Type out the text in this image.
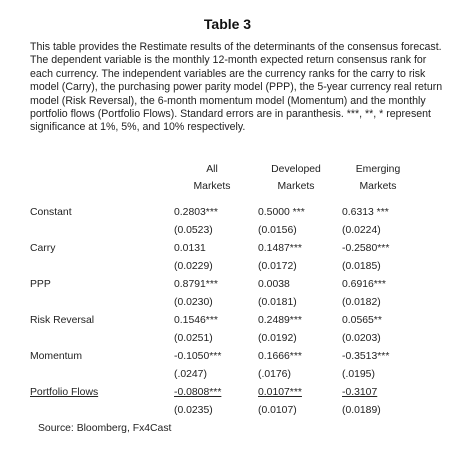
Table 3
This table provides the Restimate results of the determinants of the consensus forecast. The dependent variable is the monthly 12-month expected return consensus rank for each currency. The independent variables are the currency ranks for the carry to risk model (Carry), the purchasing power parity model (PPP), the 5-year currency real return model (Risk Reversal), the 6-month momentum model (Momentum) and the monthly portfolio flows (Portfolio Flows). Standard errors are in paranthesis. ***, **, * represent significance at 1%, 5%, and 10% respectively.
	All	Developed	Emerging
	Markets	Markets	Markets

Constant	0.2803***	0.5000 ***	0.6313 ***
	(0.0523)	(0.0156)	(0.0224)
Carry	0.0131	0.1487***	-0.2580***
	(0.0229)	(0.0172)	(0.0185)
PPP	0.8791***	0.0038	0.6916***
	(0.0230)	(0.0181)	(0.0182)
Risk Reversal	0.1546***	0.2489***	0.0565**
	(0.0251)	(0.0192)	(0.0203)
Momentum	-0.1050***	0.1666***	-0.3513***
	(.0247)	(.0176)	(.0195)
Portfolio Flows	-0.0808***	0.0107***	-0.3107
	(0.0235)	(0.0107)	(0.0189)
Source: Bloomberg, Fx4Cast
